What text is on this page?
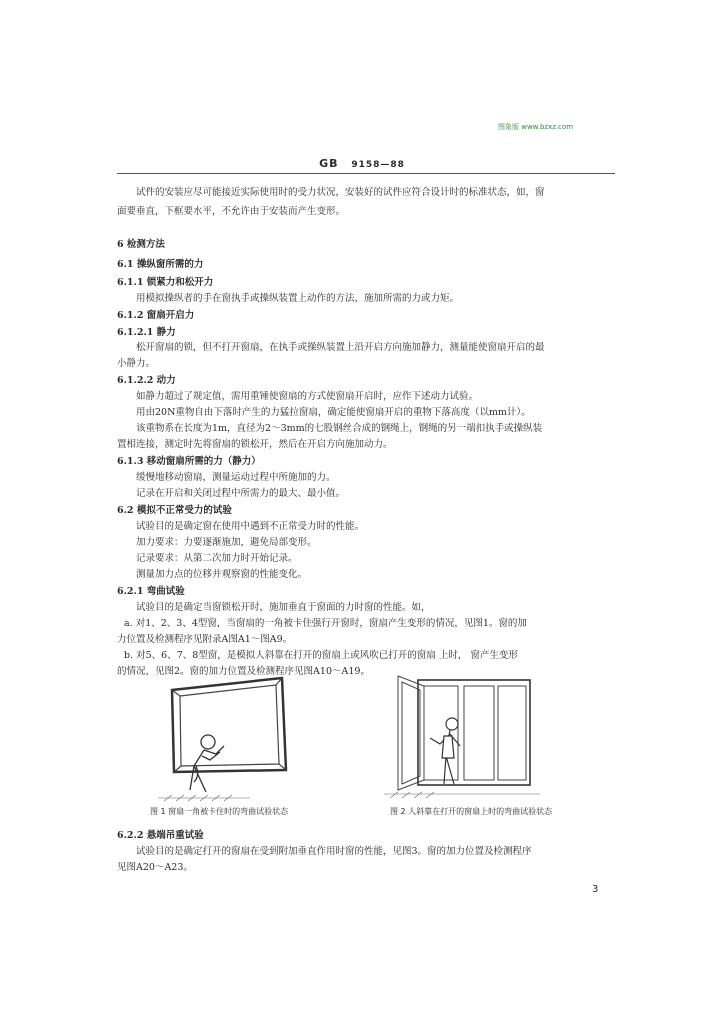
图象版 www.bzxz.com
GB 9158—88
试件的安装应尽可能接近实际使用时的受力状况，安装好的试件应符合设计时的标准状态，如，窗
面要垂直，下框要水平，不允许由于安装而产生变形。
6 检测方法
6.1 操纵窗所需的力
6.1.1 锁紧力和松开力
用模拟操纵者的手在窗执手或操纵装置上动作的方法，施加所需的力或力矩。
6.1.2 窗扇开启力
6.1.2.1 静力
松开窗扇的锁，但不打开窗扇，在执手或操纵装置上沿开启方向施加静力，测量能使窗扇开启的最
小静力。
6.1.2.2 动力
如静力超过了规定值，需用重锤使窗扇的方式使窗扇开启时，应作下述动力试验。
用由20N重物自由下落时产生的力猛拉窗扇，确定能使窗扇开启的重物下落高度（以mm计）。
该重物系在长度为1m，直径为2～3mm的七股钢丝合成的钢绳上，钢绳的另一端扣执手或操纵装
置相连接，测定时先将窗扇的锁松开，然后在开启方向施加动力。
6.1.3 移动窗扇所需的力（静力）
缓慢地移动窗扇，测量运动过程中所施加的力。
记录在开启和关闭过程中所需力的最大、最小值。
6.2 模拟不正常受力的试验
试验目的是确定窗在使用中遇到不正常受力时的性能。
加力要求：力要逐渐施加，避免局部变形。
记录要求：从第二次加力时开始记录。
测量加力点的位移并观察窗的性能变化。
6.2.1 弯曲试验
试验目的是确定当窗锁松开时，施加垂直于窗面的力时窗的性能。如，
a. 对1、2、3、4型窗，当窗扇的一角被卡住强行开窗时，窗扇产生变形的情况，见图1。窗的加
力位置及检测程序见附录A图A1～图A9。
b. 对5、6、7、8型窗，是模拟人斜靠在打开的窗扇上或风吹已打开的窗扇 上时， 窗产生变形
的情况，见图2。窗的加力位置及检测程序见图A10～A19。
图 1 窗扇一角被卡住时的弯曲试验状态	图 2 人斜靠在打开的窗扇上时的弯曲试验状态
6.2.2 悬端吊重试验
试验目的是确定打开的窗扇在受到附加垂直作用时窗的性能，见图3。窗的加力位置及检测程序
见图A20～A23。
3
